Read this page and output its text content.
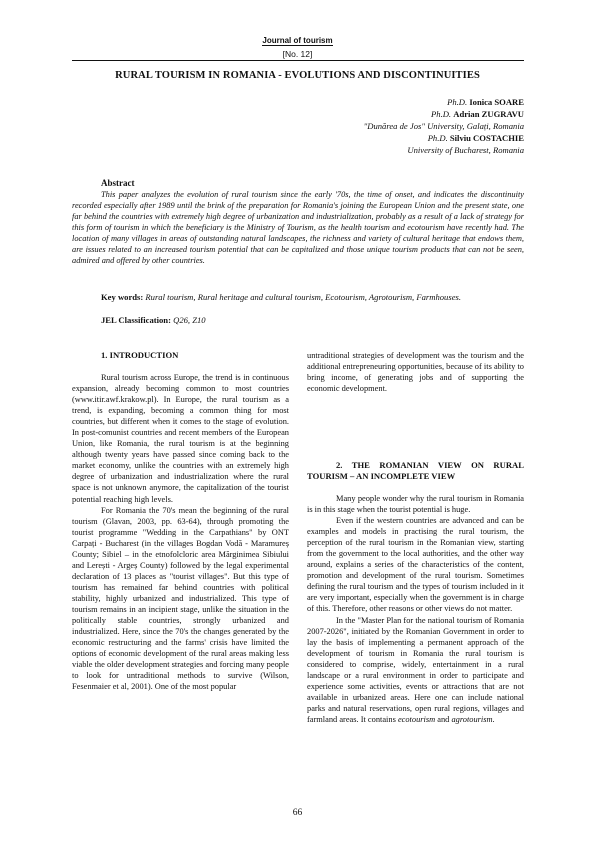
Journal of tourism
[No. 12]
RURAL TOURISM IN ROMANIA - EVOLUTIONS AND DISCONTINUITIES
Ph.D. Ionica SOARE
Ph.D. Adrian ZUGRAVU
"Dunărea de Jos" University, Galați, Romania
Ph.D. Silviu COSTACHIE
University of Bucharest, Romania
Abstract

This paper analyzes the evolution of rural tourism since the early '70s, the time of onset, and indicates the discontinuity recorded especially after 1989 until the brink of the preparation for Romania's joining the European Union and the present state, one far behind the countries with extremely high degree of urbanization and industrialization, probably as a result of a lack of strategy for this form of tourism in which the beneficiary is the Ministry of Tourism, as the health tourism and ecotourism have recently had. The location of many villages in areas of outstanding natural landscapes, the richness and variety of cultural heritage that endows them, are issues related to an increased tourism potential that can be capitalized and those unique tourism products that can not be seen, admired and offered by other countries.

Key words: Rural tourism, Rural heritage and cultural tourism, Ecotourism, Agrotourism, Farmhouses.
JEL Classification: Q26, Z10
1. INTRODUCTION

Rural tourism across Europe, the trend is in continuous expansion, already becoming common to most countries (www.itir.awf.krakow.pl). In Europe, the rural tourism as a trend, is expanding, becoming a common thing for most countries, but different when it comes to the stage of evolution. In post-comunist countries and recent members of the European Union, like Romania, the rural tourism is at the beginning although twenty years have passed since coming back to the market economy, unlike the countries with an extremely high degree of urbanization and industrialization where the rural space is not unknown anymore, the capitalization of the tourist potential reaching high levels.

For Romania the 70's mean the beginning of the rural tourism (Glavan, 2003, pp. 63-64), through promoting the tourist programme "Wedding in the Carpathians" by ONT Carpați - Bucharest (in the villages Bogdan Vodă - Maramureș County; Sibiel – in the etnofolcloric area Mărginimea Sibiului and Lerești - Argeș County) followed by the legal experimental declaration of 13 places as "tourist villages". But this type of tourism has remained far behind countries with political stability, highly urbanized and industrialized. This type of tourism remains in an incipient stage, unlike the situation in the politically stable countries, strongly urbanized and industrialized. Here, since the 70's the changes generated by the economic restructuring and the farms' crisis have limited the options of economic development of the rural areas making less viable the older development strategies and forcing many people to look for untraditional methods to survive (Wilson, Fesenmaier et al, 2001). One of the most popular

untraditional strategies of development was the tourism and the additional entrepreneuring opportunities, because of its ability to bring income, of generating jobs and of supporting the economic development.

2. THE ROMANIAN VIEW ON RURAL TOURISM – AN INCOMPLETE VIEW

Many people wonder why the rural tourism in Romania is in this stage when the tourist potential is huge.

Even if the western countries are advanced and can be examples and models in practising the rural tourism, the perception of the rural tourism in the Romanian view, starting from the government to the local authorities, and the other way around, explains a series of the characteristics of the content, promotion and development of the rural tourism. Sometimes defining the rural tourism and the types of tourism included in it are very important, especially when the government is in charge of this. Therefore, other reasons or other views do not matter.

In the "Master Plan for the national tourism of Romania 2007-2026", initiated by the Romanian Government in order to lay the basis of implementing a permanent approach of the development of tourism in Romania the rural tourism is considered to comprise, widely, entertainment in a rural landscape or a rural environment in order to participate and experience some activities, events or attractions that are not available in urbanized areas. Here one can include national parks and natural reservations, open rural regions, villages and farmland areas. It contains ecotourism and agrotourism.

66
